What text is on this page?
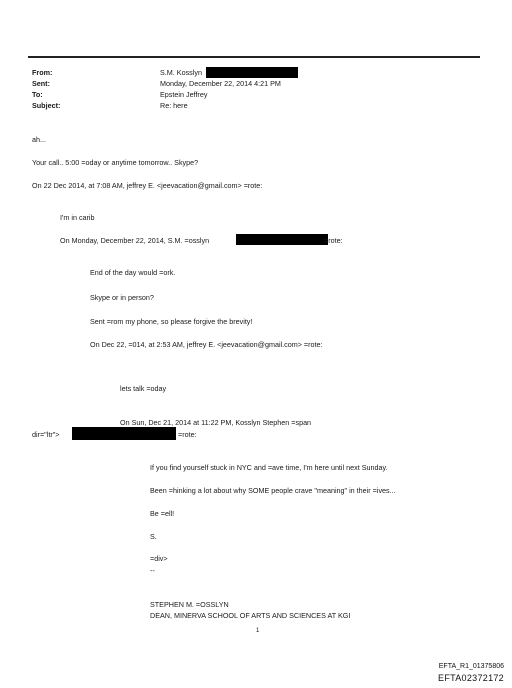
From:

Sent:

To:

Subject:

S.M. Kosslyn

Monday, December 22, 2014 4:21 PM

Epstein Jeffrey

Re: here

ah...

Your call.. 5:00 =oday or anytime tomorrow.. Skype?

On 22 Dec 2014, at 7:08 AM, jeffrey E. <jeevacation@gmail.com> =rote:

I'm in carib

On Monday, December 22, 2014, S.M. =osslyn	=rote:

End of the day would =ork.

Skype or in person?

Sent =rom my phone, so please forgive the brevity!

On Dec 22, =014, at 2:53 AM, jeffrey E. <jeevacation@gmail.com> =rote:

lets talk =oday

On Sun, Dec 21, 2014 at 11:22 PM, Kosslyn Stephen =span

dir="ltr">	=rote:

If you find yourself stuck in NYC and =ave time, I'm here until next Sunday.

Been =hinking a lot about why SOME people crave "meaning" in their =ives...

Be =ell!

S.

=div>

--

STEPHEN M. =OSSLYN

DEAN, MINERVA SCHOOL OF ARTS AND SCIENCES AT KGI

1

EFTA_R1_01375806
EFTA02372172
